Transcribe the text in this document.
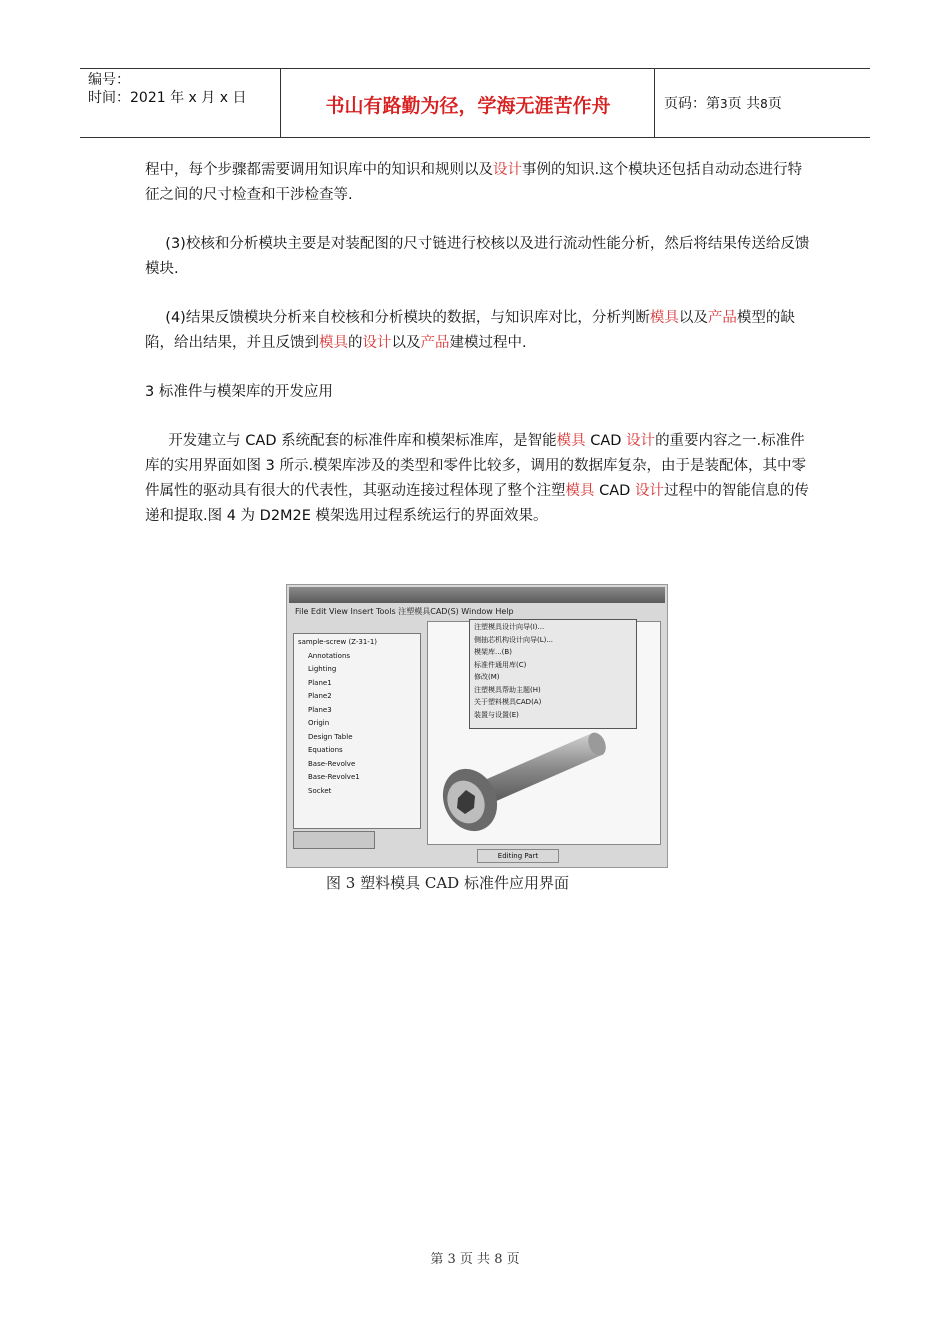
编号：
时间：2021 年 x 月 x 日	书山有路勤为径，学海无涯苦作舟	页码：第3页 共8页

程中，每个步骤都需要调用知识库中的知识和规则以及设计事例的知识.这个模块还包括自动动态进行特征之间的尺寸检查和干涉检查等.

(3)校核和分析模块主要是对装配图的尺寸链进行校核以及进行流动性能分析，然后将结果传送给反馈模块.

(4)结果反馈模块分析来自校核和分析模块的数据，与知识库对比，分析判断模具以及产品模型的缺陷，给出结果，并且反馈到模具的设计以及产品建模过程中.

3 标准件与模架库的开发应用

开发建立与 CAD 系统配套的标准件库和模架标准库，是智能模具 CAD 设计的重要内容之一.标准件库的实用界面如图 3 所示.模架库涉及的类型和零件比较多，调用的数据库复杂，由于是装配体，其中零件属性的驱动具有很大的代表性，其驱动连接过程体现了整个注塑模具 CAD 设计过程中的智能信息的传递和提取.图 4 为 D2M2E 模架选用过程系统运行的界面效果。

File Edit View Insert Tools 注塑模具CAD(S) Window Help
sample-screw (Z-31-1)
Annotations
Lighting
Plane1
Plane2
Plane3
Origin
Design Table
Equations
Base-Revolve
Base-Revolve1
Socket
注塑模具设计向导(I)...
侧抽芯机构设计向导(L)...
模架库...(B)
标准件通用库(C)
修改(M)
注塑模具帮助主题(H)
关于塑料模具CAD(A)
装置与设置(E)
Editing Part
图 3 塑料模具 CAD 标准件应用界面
第 3 页 共 8 页
